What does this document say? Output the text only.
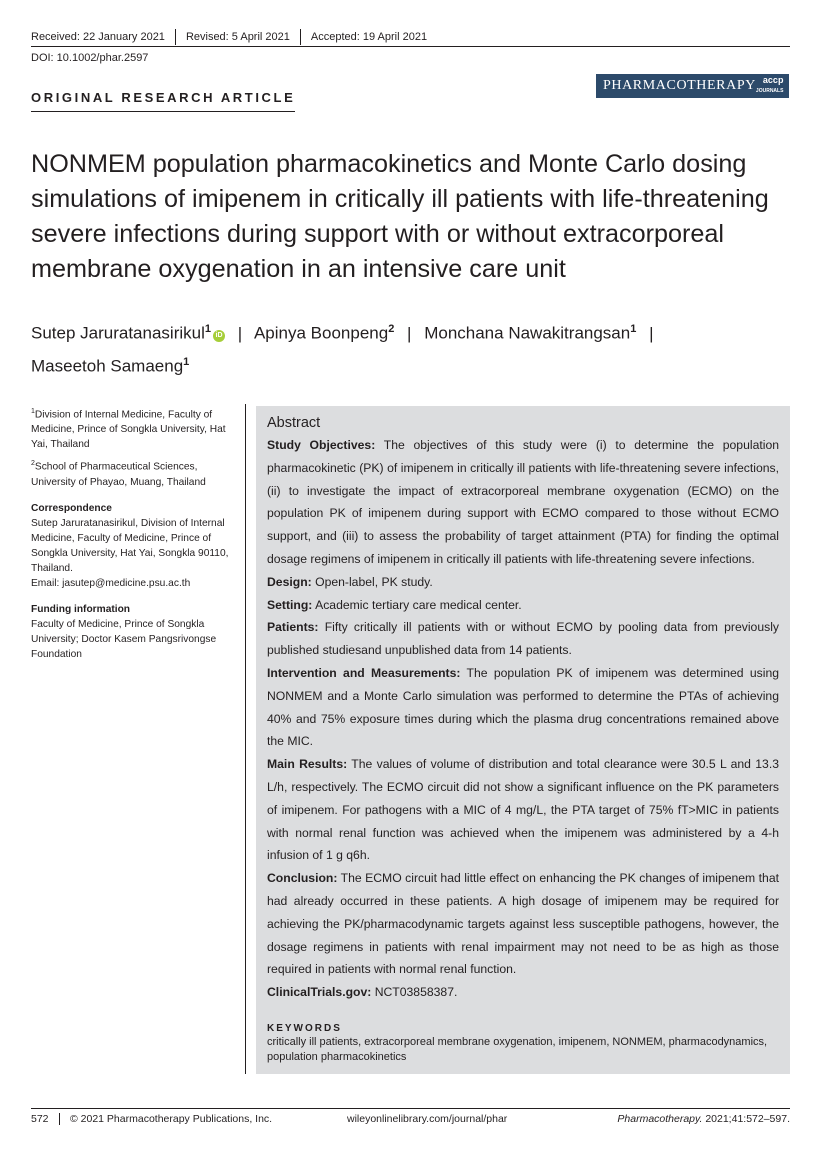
Received: 22 January 2021	Revised: 5 April 2021	Accepted: 19 April 2021
DOI: 10.1002/phar.2597
ORIGINAL RESEARCH ARTICLE
PHARMACOTHERAPY accp
JOURNALS
NONMEM population pharmacokinetics and Monte Carlo dosing simulations of imipenem in critically ill patients with life-threatening severe infections during support with or without extracorporeal membrane oxygenation in an intensive care unit
Sutep Jaruratanasirikul$^1$iD | Apinya Boonpeng$^2$ | Monchana Nawakitrangsan$^1$ |
Maseetoh Samaeng$^1$

$^1$Division of Internal Medicine, Faculty of Medicine, Prince of Songkla University, Hat Yai, Thailand

$^2$School of Pharmaceutical Sciences, University of Phayao, Muang, Thailand

Correspondence

Sutep Jaruratanasirikul, Division of Internal Medicine, Faculty of Medicine, Prince of Songkla University, Hat Yai, Songkla 90110, Thailand.
Email: jasutep@medicine.psu.ac.th

Funding information

Faculty of Medicine, Prince of Songkla University; Doctor Kasem Pangsrivongse Foundation

Abstract

Study Objectives: The objectives of this study were (i) to determine the population pharmacokinetic (PK) of imipenem in critically ill patients with life-threatening severe infections, (ii) to investigate the impact of extracorporeal membrane oxygenation (ECMO) on the population PK of imipenem during support with ECMO compared to those without ECMO support, and (iii) to assess the probability of target attainment (PTA) for finding the optimal dosage regimens of imipenem in critically ill patients with life-threatening severe infections.

Design: Open-label, PK study.

Setting: Academic tertiary care medical center.

Patients: Fifty critically ill patients with or without ECMO by pooling data from previously published studiesand unpublished data from 14 patients.

Intervention and Measurements: The population PK of imipenem was determined using NONMEM and a Monte Carlo simulation was performed to determine the PTAs of achieving 40% and 75% exposure times during which the plasma drug concentrations remained above the MIC.

Main Results: The values of volume of distribution and total clearance were 30.5 L and 13.3 L/h, respectively. The ECMO circuit did not show a significant influence on the PK parameters of imipenem. For pathogens with a MIC of 4 mg/L, the PTA target of 75% fT>MIC in patients with normal renal function was achieved when the imipenem was administered by a 4-h infusion of 1 g q6h.

Conclusion: The ECMO circuit had little effect on enhancing the PK changes of imipenem that had already occurred in these patients. A high dosage of imipenem may be required for achieving the PK/pharmacodynamic targets against less susceptible pathogens, however, the dosage regimens in patients with renal impairment may not need to be as high as those required in patients with normal renal function.

ClinicalTrials.gov: NCT03858387.

KEYWORDS
critically ill patients, extracorporeal membrane oxygenation, imipenem, NONMEM, pharmacodynamics, population pharmacokinetics
572	© 2021 Pharmacotherapy Publications, Inc.	wileyonlinelibrary.com/journal/phar	Pharmacotherapy. 2021;41:572–597.
